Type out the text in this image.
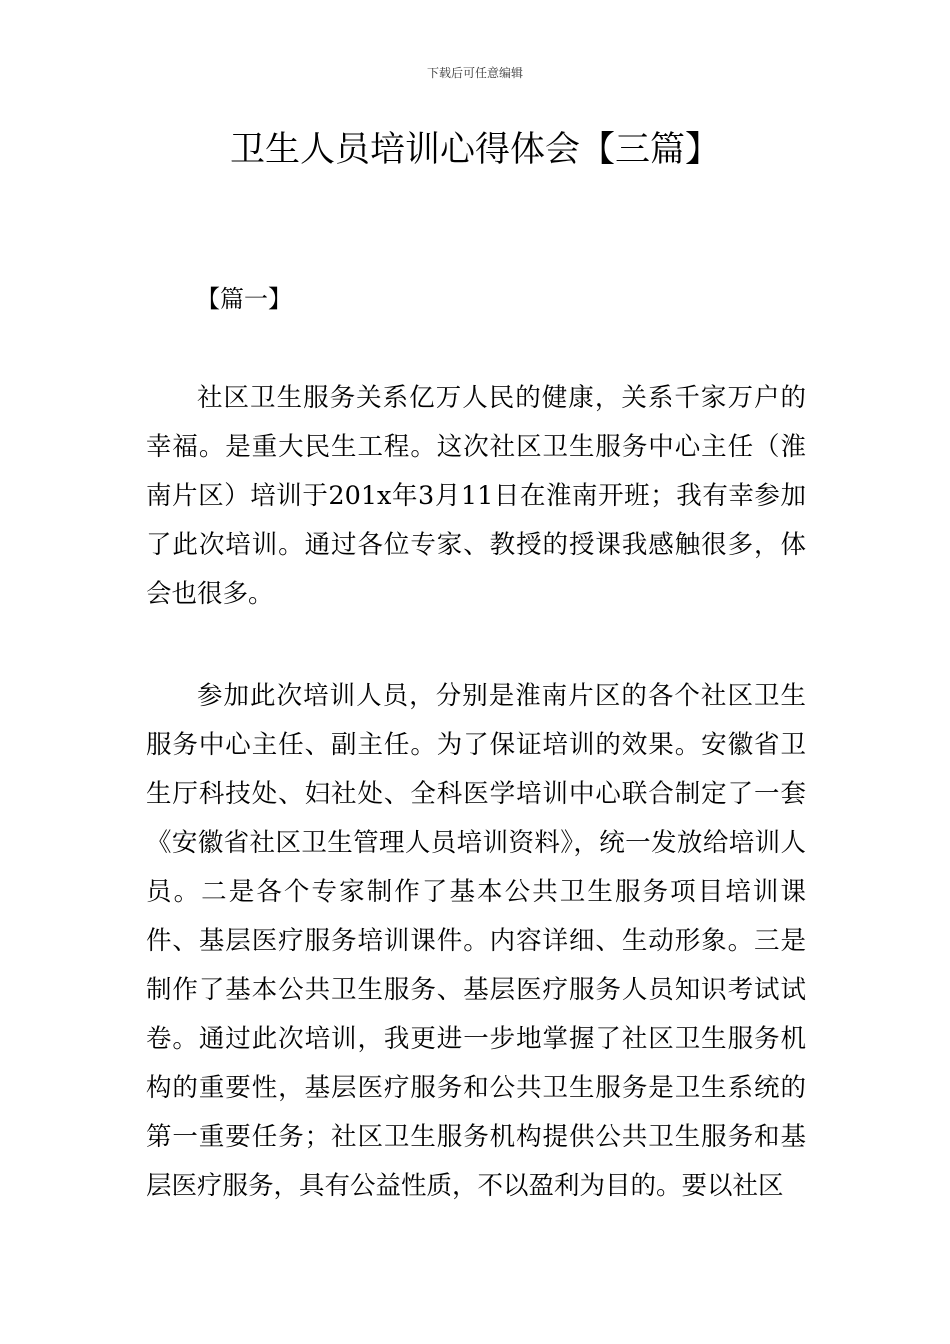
下载后可任意编辑
卫生人员培训心得体会【三篇】

【篇一】

社区卫生服务关系亿万人民的健康，关系千家万户的幸福。是重大民生工程。这次社区卫生服务中心主任（淮南片区）培训于201x年3月11日在淮南开班；我有幸参加了此次培训。通过各位专家、教授的授课我感触很多，体会也很多。

参加此次培训人员，分别是淮南片区的各个社区卫生服务中心主任、副主任。为了保证培训的效果。安徽省卫生厅科技处、妇社处、全科医学培训中心联合制定了一套《安徽省社区卫生管理人员培训资料》，统一发放给培训人员。二是各个专家制作了基本公共卫生服务项目培训课件、基层医疗服务培训课件。内容详细、生动形象。三是制作了基本公共卫生服务、基层医疗服务人员知识考试试卷。通过此次培训，我更进一步地掌握了社区卫生服务机构的重要性，基层医疗服务和公共卫生服务是卫生系统的第一重要任务；社区卫生服务机构提供公共卫生服务和基层医疗服务，具有公益性质，不以盈利为目的。要以社区
